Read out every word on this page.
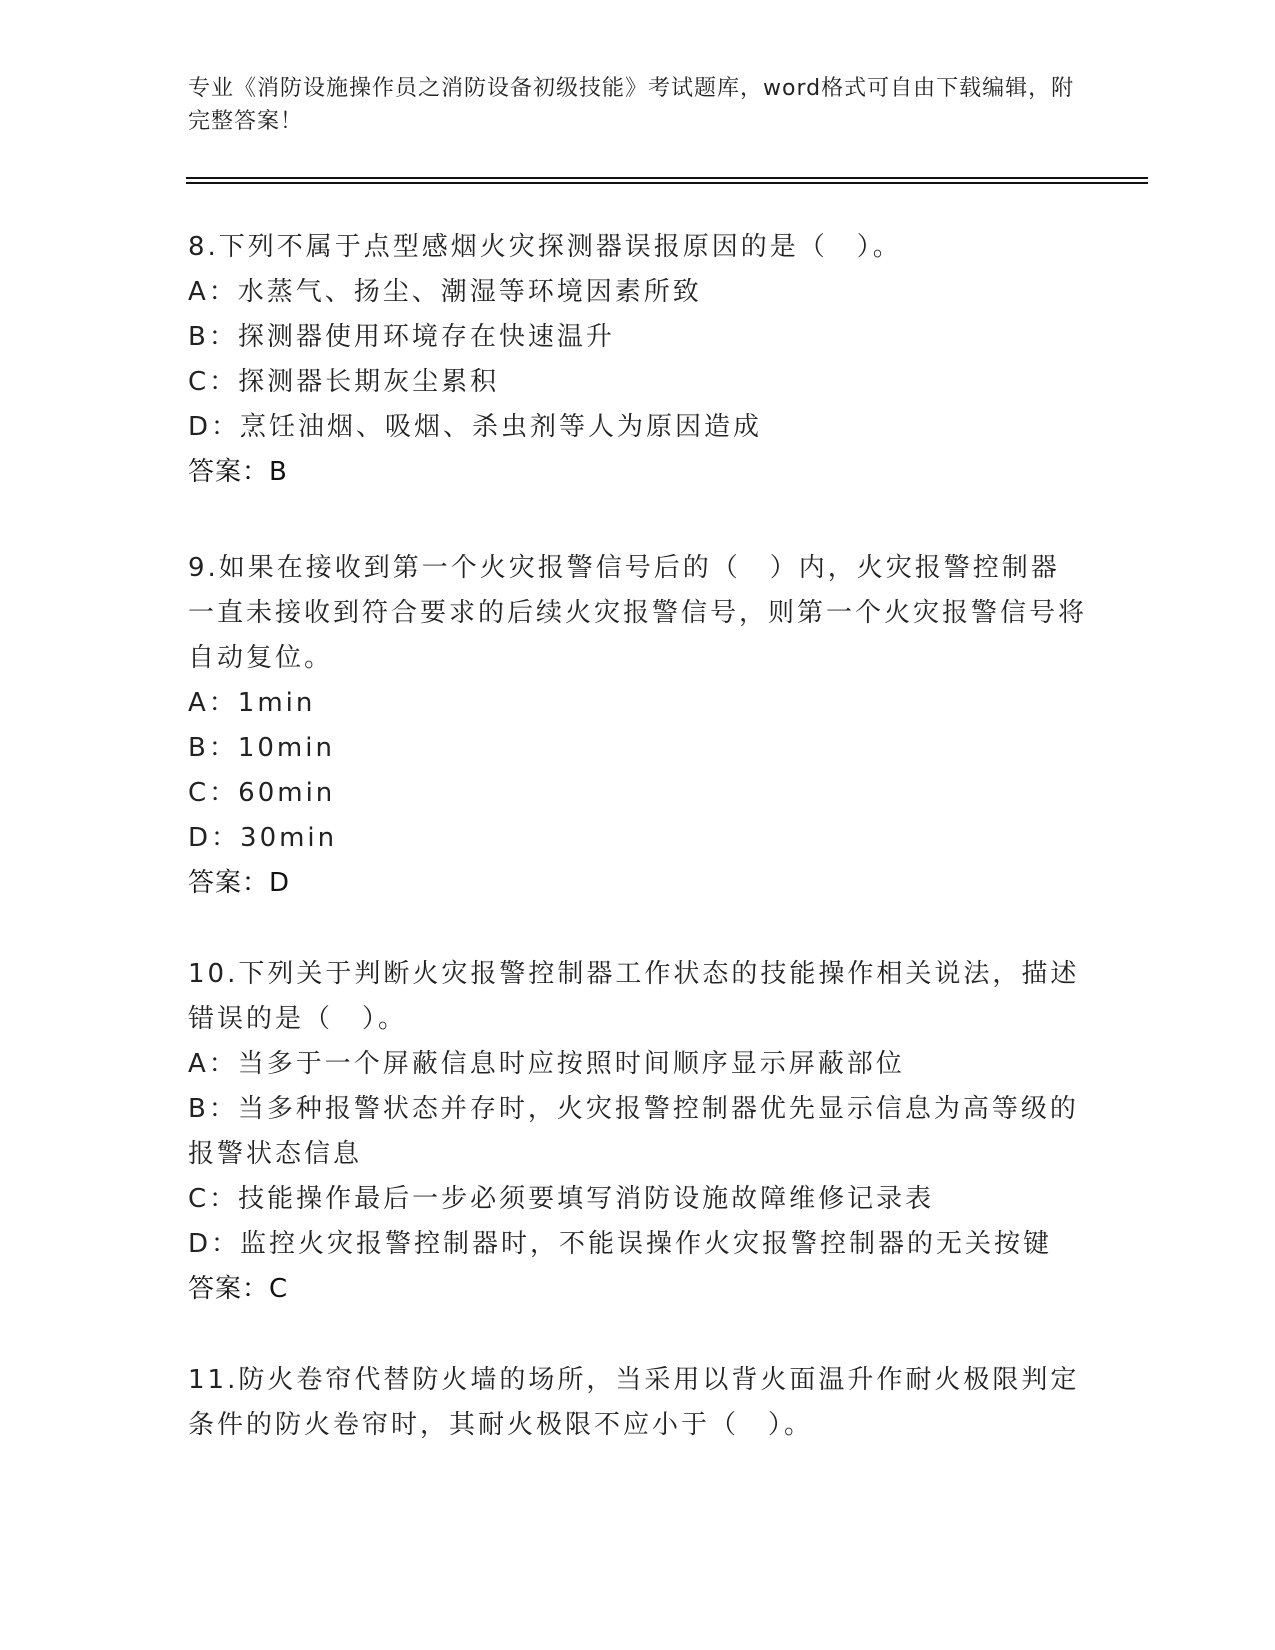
专业《消防设施操作员之消防设备初级技能》考试题库，word格式可自由下载编辑，附完整答案！

8.下列不属于点型感烟火灾探测器误报原因的是（　）。

A：水蒸气、扬尘、潮湿等环境因素所致

B：探测器使用环境存在快速温升

C：探测器长期灰尘累积

D：烹饪油烟、吸烟、杀虫剂等人为原因造成

答案：B

9.如果在接收到第一个火灾报警信号后的（　）内，火灾报警控制器一直未接收到符合要求的后续火灾报警信号，则第一个火灾报警信号将自动复位。

A：1min

B：10min

C：60min

D：30min

答案：D

10.下列关于判断火灾报警控制器工作状态的技能操作相关说法，描述错误的是（　）。

A：当多于一个屏蔽信息时应按照时间顺序显示屏蔽部位

B：当多种报警状态并存时，火灾报警控制器优先显示信息为高等级的报警状态信息

C：技能操作最后一步必须要填写消防设施故障维修记录表

D：监控火灾报警控制器时，不能误操作火灾报警控制器的无关按键

答案：C

11.防火卷帘代替防火墙的场所，当采用以背火面温升作耐火极限判定条件的防火卷帘时，其耐火极限不应小于（　）。
